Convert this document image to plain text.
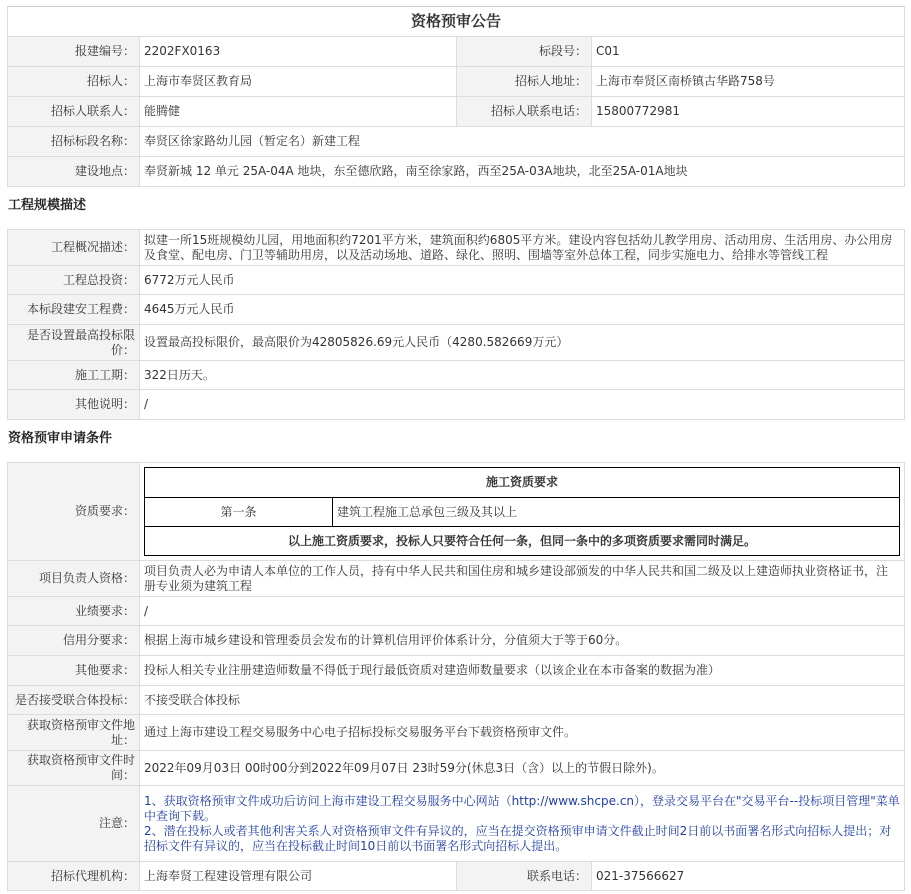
资格预审公告			
报建编号：	2202FX0163	标段号：	C01
招标人：	上海市奉贤区教育局	招标人地址：	上海市奉贤区南桥镇古华路758号
招标人联系人：	能腾健	招标人联系电话：	15800772981
招标标段名称：	奉贤区徐家路幼儿园（暂定名）新建工程		
建设地点：	奉贤新城 12 单元 25A-04A 地块，东至德欣路，南至徐家路，西至25A-03A地块，北至25A-01A地块		
工程规模描述
工程概况描述：	拟建一所15班规模幼儿园，用地面积约7201平方米，建筑面积约6805平方米。建设内容包括幼儿教学用房、活动用房、生活用房、办公用房及食堂、配电房、门卫等辅助用房，以及活动场地、道路、绿化、照明、围墙等室外总体工程，同步实施电力、给排水等管线工程
工程总投资：	6772万元人民币
本标段建安工程费：	4645万元人民币
是否设置最高投标限价：	设置最高投标限价，最高限价为42805826.69元人民币（4280.582669万元）
施工工期：	322日历天。
其他说明：	/
资格预审申请条件
资质要求：	
施工资质要求
第一条	建筑工程施工总承包三级及其以上
以上施工资质要求，投标人只要符合任何一条，但同一条中的多项资质要求需同时满足。

项目负责人资格：	项目负责人必为申请人本单位的工作人员，持有中华人民共和国住房和城乡建设部颁发的中华人民共和国二级及以上建造师执业资格证书，注册专业须为建筑工程
业绩要求：	/
信用分要求：	根据上海市城乡建设和管理委员会发布的计算机信用评价体系计分，分值须大于等于60分。
其他要求：	投标人相关专业注册建造师数量不得低于现行最低资质对建造师数量要求（以该企业在本市备案的数据为准）
是否接受联合体投标：	不接受联合体投标
获取资格预审文件地址：	通过上海市建设工程交易服务中心电子招标投标交易服务平台下载资格预审文件。
获取资格预审文件时间：	2022年09月03日 00时00分到2022年09月07日 23时59分(休息3日（含）以上的节假日除外)。
注意：	
1、获取资格预审文件成功后访问上海市建设工程交易服务中心网站（http://www.shcpe.cn），登录交易平台在"交易平台--投标项目管理"菜单中查询下载。
2、潜在投标人或者其他利害关系人对资格预审文件有异议的，应当在提交资格预审申请文件截止时间2日前以书面署名形式向招标人提出；对招标文件有异议的，应当在投标截止时间10日前以书面署名形式向招标人提出。

招标代理机构：	上海奉贤工程建设管理有限公司	联系电话：	021-37566627
